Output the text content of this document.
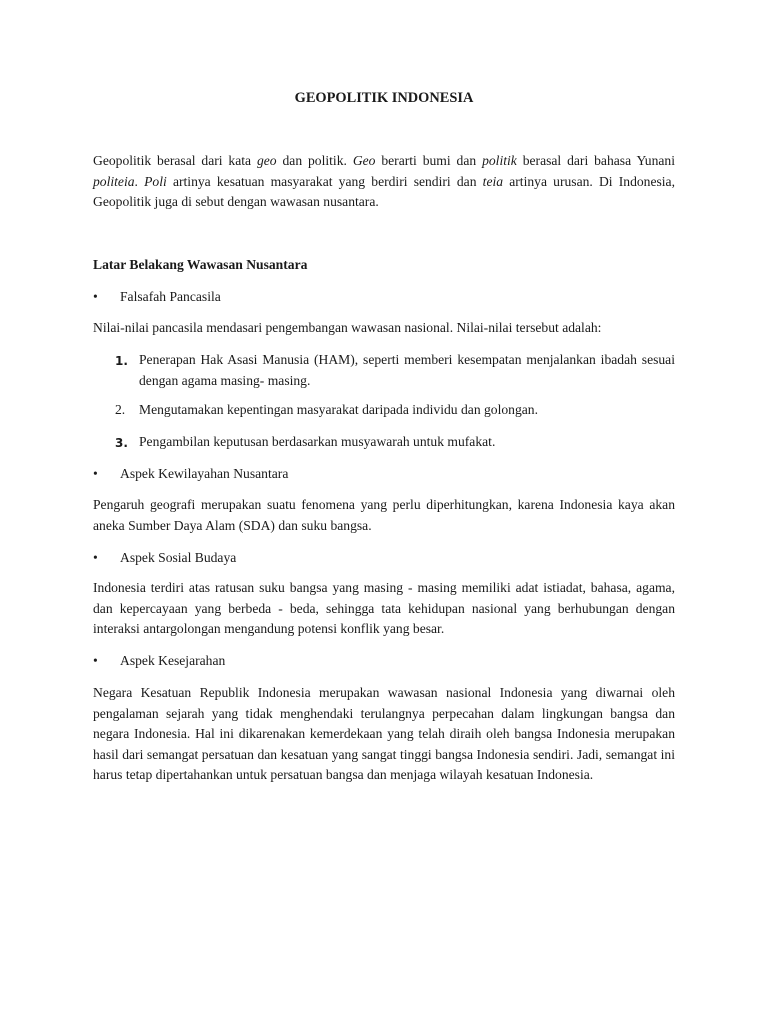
GEOPOLITIK INDONESIA
Geopolitik berasal dari kata geo dan politik. Geo berarti bumi dan politik berasal dari bahasa Yunani politeia. Poli artinya kesatuan masyarakat yang berdiri sendiri dan teia artinya urusan. Di Indonesia, Geopolitik juga di sebut dengan wawasan nusantara.
Latar Belakang Wawasan Nusantara
• Falsafah Pancasila
Nilai-nilai pancasila mendasari pengembangan wawasan nasional. Nilai-nilai tersebut adalah:
1. Penerapan Hak Asasi Manusia (HAM), seperti memberi kesempatan menjalankan ibadah sesuai dengan agama masing- masing.
2. Mengutamakan kepentingan masyarakat daripada individu dan golongan.
3. Pengambilan keputusan berdasarkan musyawarah untuk mufakat.
• Aspek Kewilayahan Nusantara
Pengaruh geografi merupakan suatu fenomena yang perlu diperhitungkan, karena Indonesia kaya akan aneka Sumber Daya Alam (SDA) dan suku bangsa.
• Aspek Sosial Budaya
Indonesia terdiri atas ratusan suku bangsa yang masing - masing memiliki adat istiadat, bahasa, agama, dan kepercayaan yang berbeda - beda, sehingga tata kehidupan nasional yang berhubungan dengan interaksi antargolongan mengandung potensi konflik yang besar.
• Aspek Kesejarahan
Negara Kesatuan Republik Indonesia merupakan wawasan nasional Indonesia yang diwarnai oleh pengalaman sejarah yang tidak menghendaki terulangnya perpecahan dalam lingkungan bangsa dan negara Indonesia. Hal ini dikarenakan kemerdekaan yang telah diraih oleh bangsa Indonesia merupakan hasil dari semangat persatuan dan kesatuan yang sangat tinggi bangsa Indonesia sendiri. Jadi, semangat ini harus tetap dipertahankan untuk persatuan bangsa dan menjaga wilayah kesatuan Indonesia.
